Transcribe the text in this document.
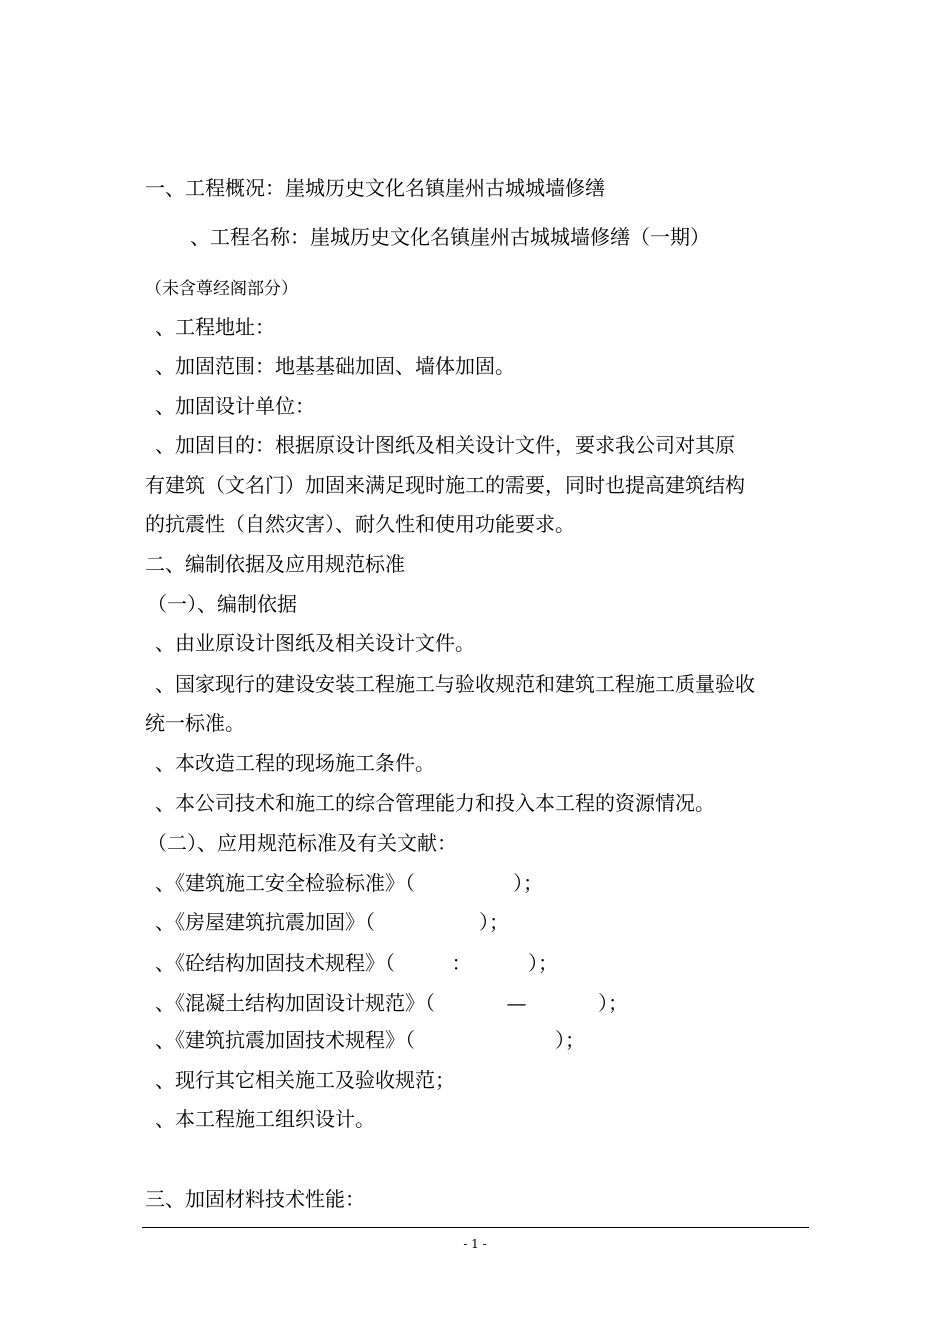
一、工程概况：崖城历史文化名镇崖州古城城墙修缮
、工程名称：崖城历史文化名镇崖州古城城墙修缮（一期）
（未含尊经阁部分）
、工程地址：
、加固范围：地基基础加固、墙体加固。
、加固设计单位：
、加固目的：根据原设计图纸及相关设计文件，要求我公司对其原
有建筑（文名门）加固来满足现时施工的需要，同时也提高建筑结构
的抗震性（自然灾害）、耐久性和使用功能要求。
二、编制依据及应用规范标准
（一）、编制依据
、由业原设计图纸及相关设计文件。
、国家现行的建设安装工程施工与验收规范和建筑工程施工质量验收
统一标准。
、本改造工程的现场施工条件。
、本公司技术和施工的综合管理能力和投入本工程的资源情况。
（二）、应用规范标准及有关文献：
、《建筑施工安全检验标准》（	）；
、《房屋建筑抗震加固》（	）；
、《砼结构加固技术规程》（	：	）；
、《混凝土结构加固设计规范》（	—	）；
、《建筑抗震加固技术规程》（	）；
、现行其它相关施工及验收规范；
、本工程施工组织设计。
三、加固材料技术性能：
- 1 -
